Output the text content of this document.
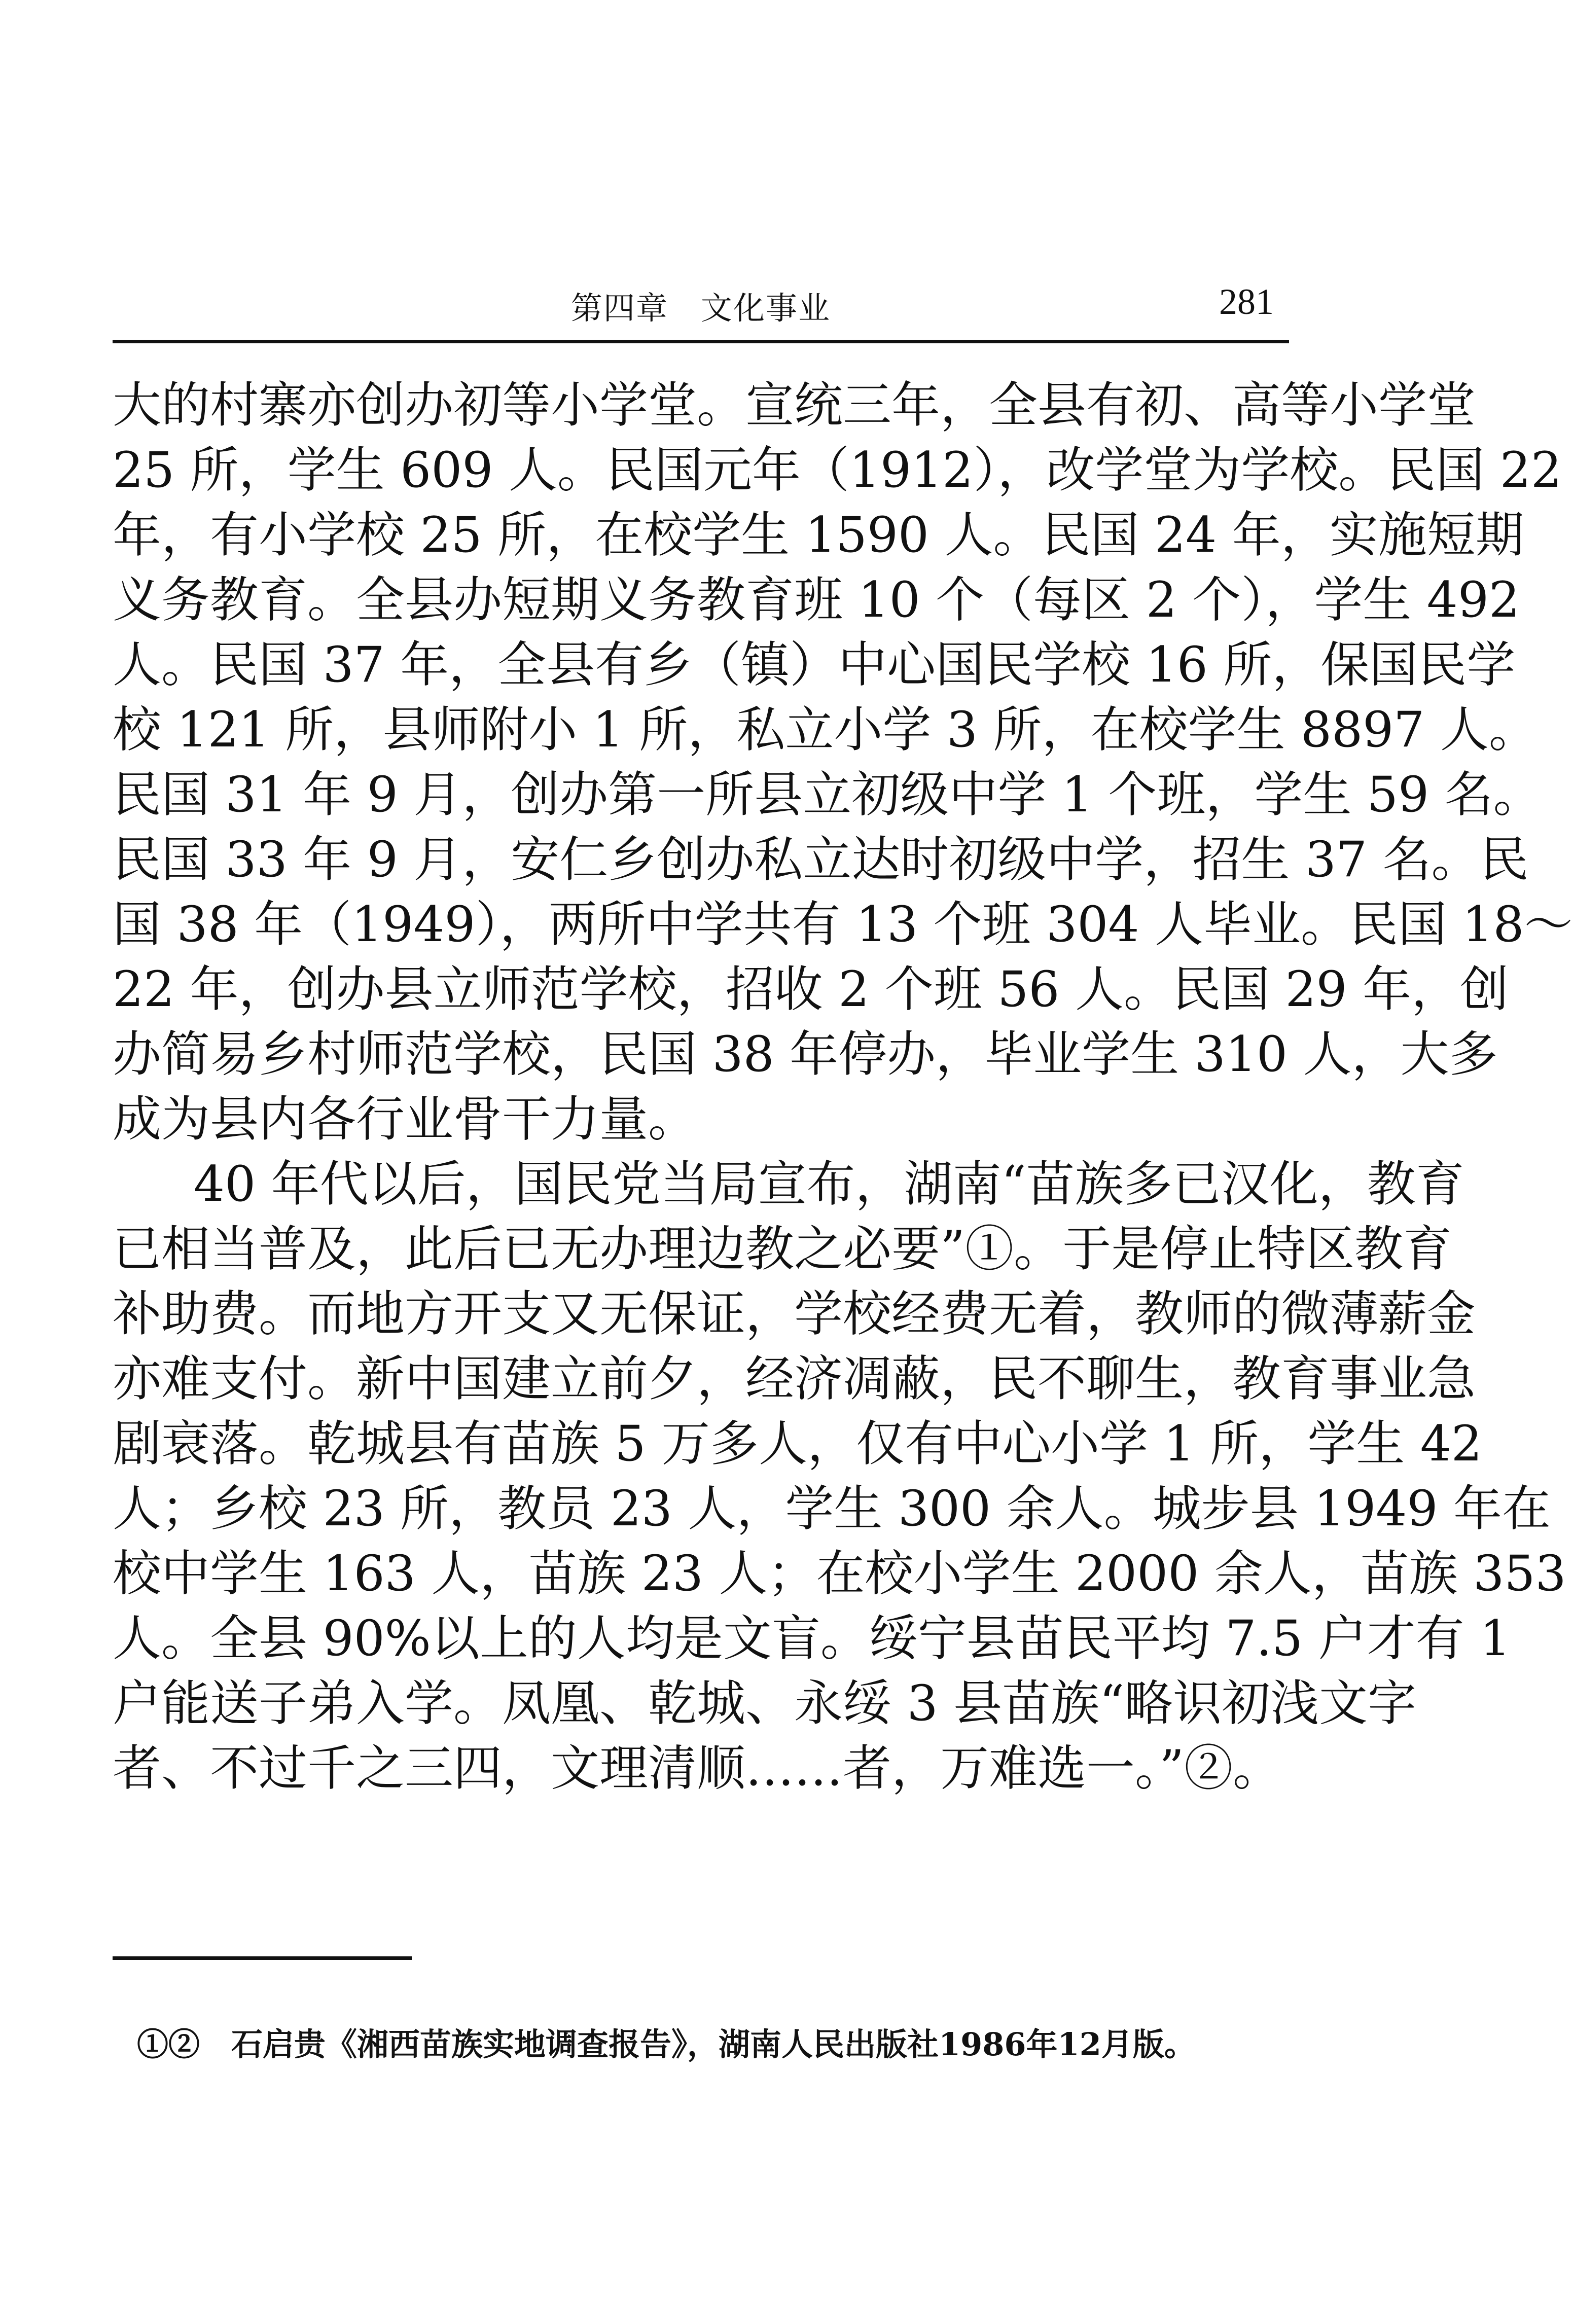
第四章　文化事业	281
大的村寨亦创办初等小学堂。宣统三年，全县有初、高等小学堂
25 所，学生 609 人。民国元年（1912），改学堂为学校。民国 22
年，有小学校 25 所，在校学生 1590 人。民国 24 年，实施短期
义务教育。全县办短期义务教育班 10 个（每区 2 个），学生 492
人。民国 37 年，全县有乡（镇）中心国民学校 16 所，保国民学
校 121 所，县师附小 1 所，私立小学 3 所，在校学生 8897 人。
民国 31 年 9 月，创办第一所县立初级中学 1 个班，学生 59 名。
民国 33 年 9 月，安仁乡创办私立达时初级中学，招生 37 名。民
国 38 年（1949），两所中学共有 13 个班 304 人毕业。民国 18～
22 年，创办县立师范学校，招收 2 个班 56 人。民国 29 年，创
办简易乡村师范学校，民国 38 年停办，毕业学生 310 人，大多
成为县内各行业骨干力量。
40 年代以后，国民党当局宣布，湖南“苗族多已汉化，教育
已相当普及，此后已无办理边教之必要”①。于是停止特区教育
补助费。而地方开支又无保证，学校经费无着，教师的微薄薪金
亦难支付。新中国建立前夕，经济凋蔽，民不聊生，教育事业急
剧衰落。乾城县有苗族 5 万多人，仅有中心小学 1 所，学生 42
人；乡校 23 所，教员 23 人，学生 300 余人。城步县 1949 年在
校中学生 163 人，苗族 23 人；在校小学生 2000 余人，苗族 353
人。全县 90%以上的人均是文盲。绥宁县苗民平均 7.5 户才有 1
户能送子弟入学。凤凰、乾城、永绥 3 县苗族“略识初浅文字
者、不过千之三四，文理清顺……者，万难选一。”②。
①②　石启贵《湘西苗族实地调查报告》，湖南人民出版社1986年12月版。
